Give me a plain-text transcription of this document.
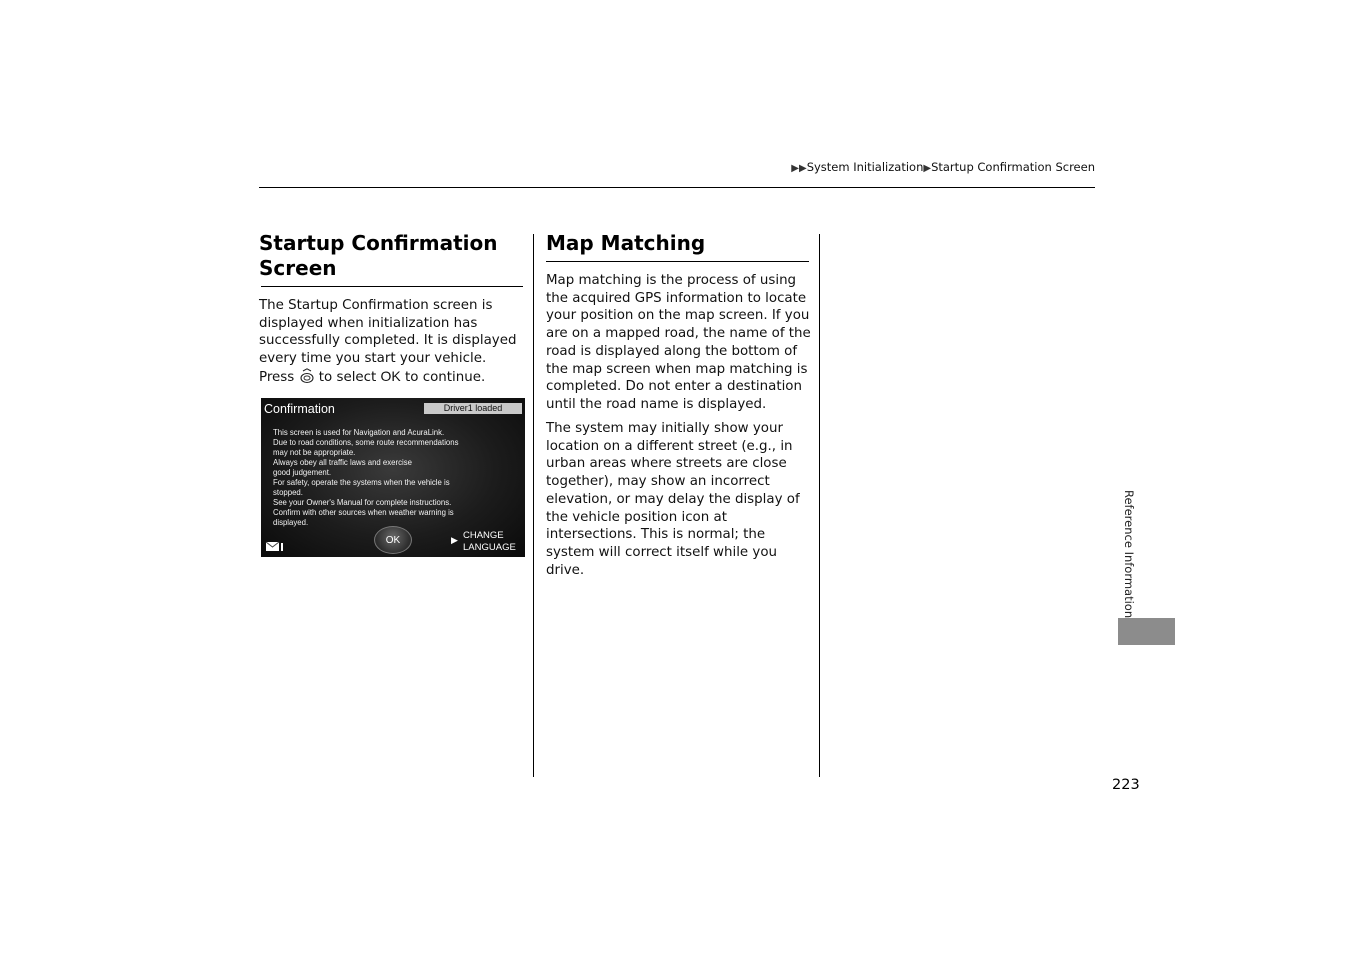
▶▶System Initialization▶Startup Confirmation Screen
Startup Confirmation Screen
The Startup Confirmation screen is displayed when initialization has successfully completed. It is displayed every time you start your vehicle. Press to select OK to continue.
Confirmation	Driver1 loaded
This screen is used for Navigation and AcuraLink.
Due to road conditions, some route recommendations
may not be appropriate.
Always obey all traffic laws and exercise
good judgement.
For safety, operate the systems when the vehicle is
stopped.
See your Owner's Manual for complete instructions.
Confirm with other sources when weather warning is
displayed.
OK	▶ CHANGE
LANGUAGE
Map Matching
Map matching is the process of using the acquired GPS information to locate your position on the map screen. If you are on a mapped road, the name of the road is displayed along the bottom of the map screen when map matching is completed. Do not enter a destination until the road name is displayed.
The system may initially show your location on a different street (e.g., in urban areas where streets are close together), may show an incorrect elevation, or may delay the display of the vehicle position icon at intersections. This is normal; the system will correct itself while you drive.	Reference Information
223
